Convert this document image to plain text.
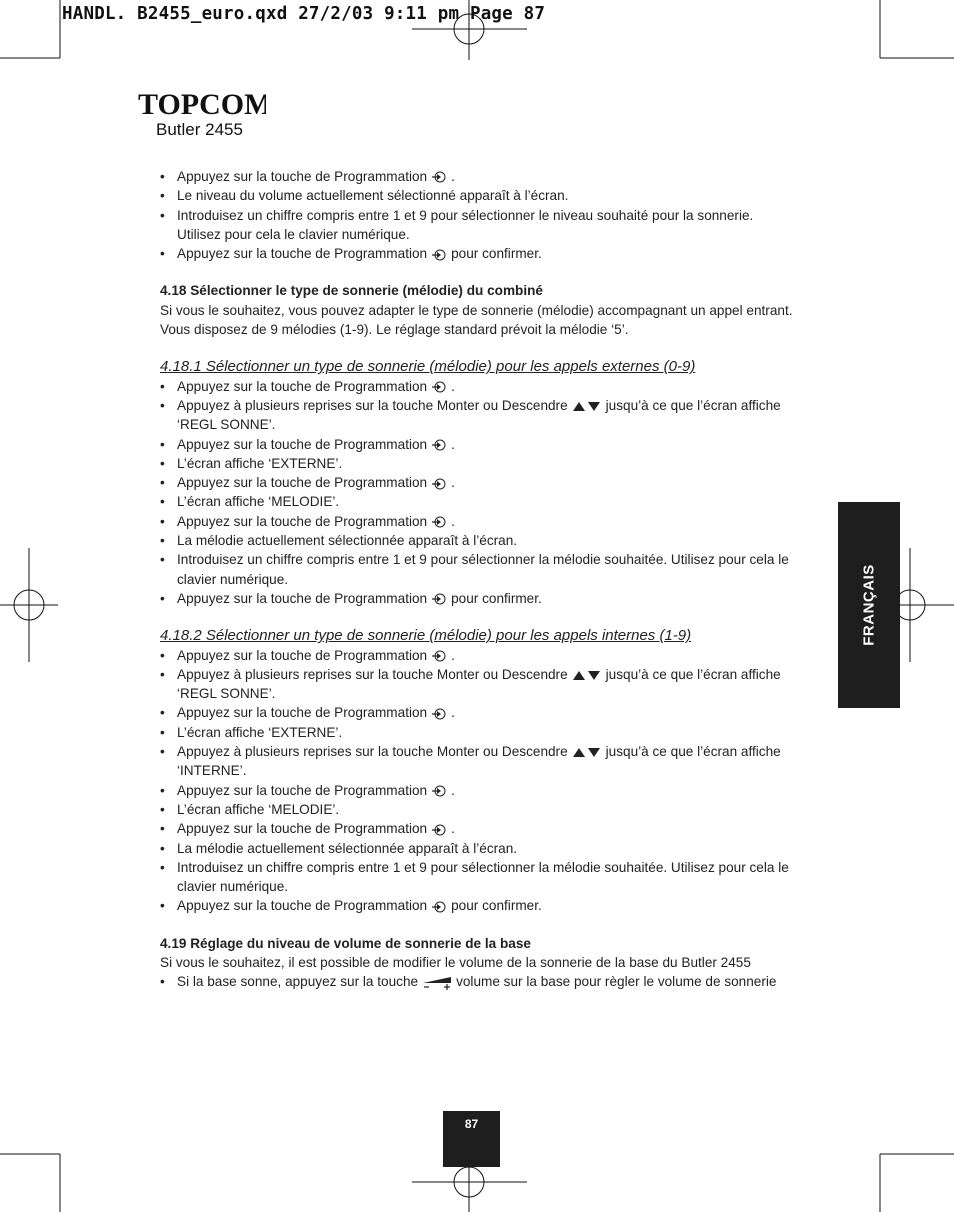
HANDL. B2455_euro.qxd 27/2/03 9:11 pm Page 87
TOPCOM
Butler 2455
• Appuyez sur la touche de Programmation .
• Le niveau du volume actuellement sélectionné apparaît à l’écran.
• Introduisez un chiffre compris entre 1 et 9 pour sélectionner le niveau souhaité pour la sonnerie. Utilisez pour cela le clavier numérique.
• Appuyez sur la touche de Programmation pour confirmer.
4.18 Sélectionner le type de sonnerie (mélodie) du combiné

Si vous le souhaitez, vous pouvez adapter le type de sonnerie (mélodie) accompagnant un appel entrant. Vous disposez de 9 mélodies (1-9). Le réglage standard prévoit la mélodie ‘5’.

4.18.1 Sélectionner un type de sonnerie (mélodie) pour les appels externes (0-9)
• Appuyez sur la touche de Programmation .
• Appuyez à plusieurs reprises sur la touche Monter ou Descendre	jusqu’à ce que l’écran affiche ‘REGL SONNE’.
• Appuyez sur la touche de Programmation .
• L’écran affiche ‘EXTERNE’.
• Appuyez sur la touche de Programmation .
• L’écran affiche ‘MELODIE’.
• Appuyez sur la touche de Programmation .
• La mélodie actuellement sélectionnée apparaît à l’écran.
• Introduisez un chiffre compris entre 1 et 9 pour sélectionner la mélodie souhaitée. Utilisez pour cela le clavier numérique.
• Appuyez sur la touche de Programmation pour confirmer.
4.18.2 Sélectionner un type de sonnerie (mélodie) pour les appels internes (1-9)
• Appuyez sur la touche de Programmation .
• Appuyez à plusieurs reprises sur la touche Monter ou Descendre	jusqu’à ce que l’écran affiche ‘REGL SONNE’.
• Appuyez sur la touche de Programmation .
• L’écran affiche ‘EXTERNE’.
• Appuyez à plusieurs reprises sur la touche Monter ou Descendre	jusqu’à ce que l’écran affiche ‘INTERNE’.
• Appuyez sur la touche de Programmation .
• L’écran affiche ‘MELODIE’.
• Appuyez sur la touche de Programmation .
• La mélodie actuellement sélectionnée apparaît à l’écran.
• Introduisez un chiffre compris entre 1 et 9 pour sélectionner la mélodie souhaitée. Utilisez pour cela le clavier numérique.
• Appuyez sur la touche de Programmation pour confirmer.
4.19 Réglage du niveau de volume de sonnerie de la base

Si vous le souhaitez, il est possible de modifier le volume de la sonnerie de la base du Butler 2455

• Si la base sonne, appuyez sur la touche	volume sur la base pour règler le volume de sonnerie
FRANÇAIS
87
